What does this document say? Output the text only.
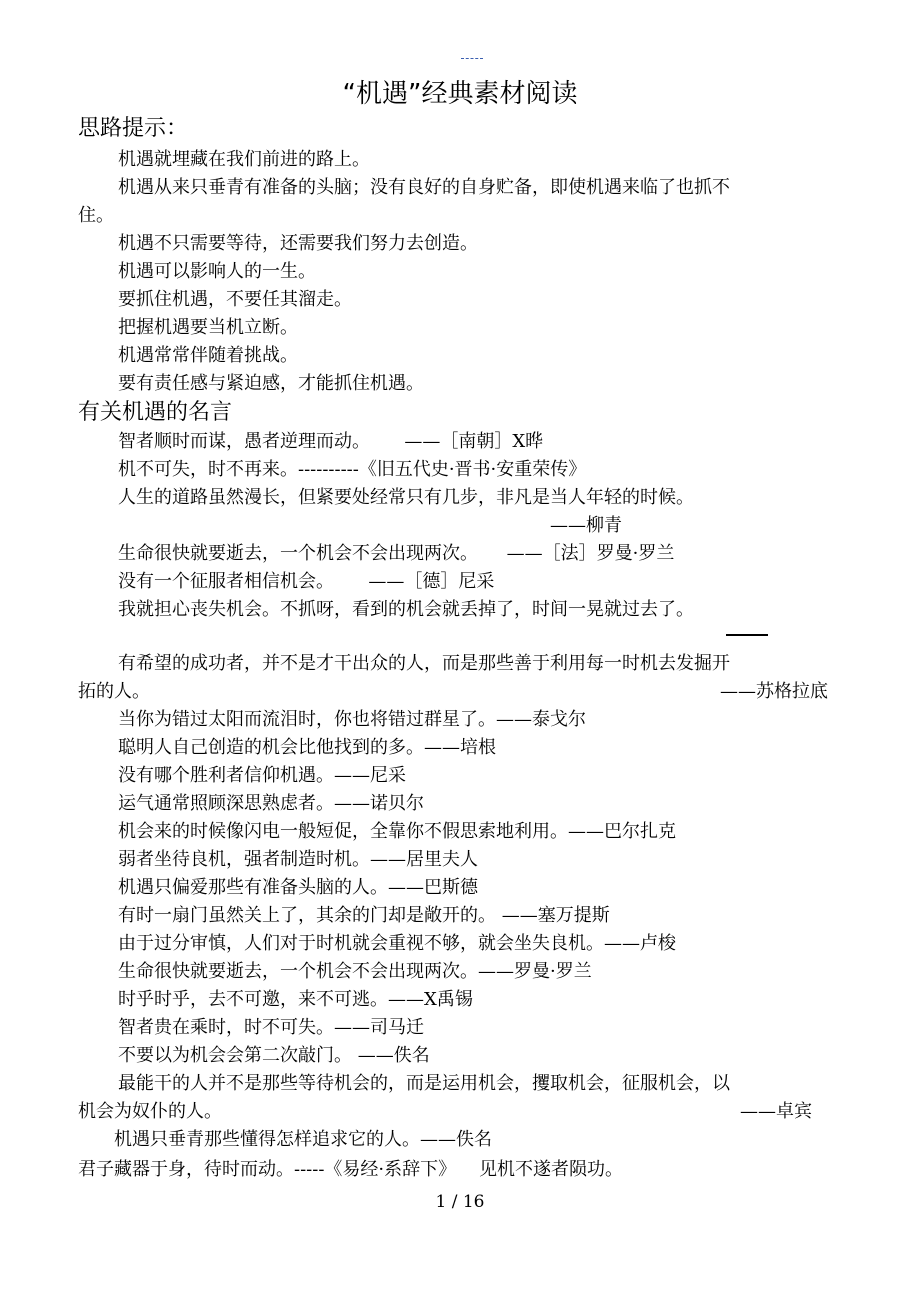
“机遇”经典素材阅读
思路提示：
机遇就埋藏在我们前进的路上。
机遇从来只垂青有准备的头脑；没有良好的自身贮备，即使机遇来临了也抓不
住。
机遇不只需要等待，还需要我们努力去创造。
机遇可以影响人的一生。
要抓住机遇，不要任其溜走。
把握机遇要当机立断。
机遇常常伴随着挑战。
要有责任感与紧迫感，才能抓住机遇。
有关机遇的名言
智者顺时而谋，愚者逆理而动。      ——［南朝］X晔
机不可失，时不再来。----------《旧五代史·晋书·安重荣传》
人生的道路虽然漫长，但紧要处经常只有几步，非凡是当人年轻的时候。
——柳青
生命很快就要逝去，一个机会不会出现两次。     ——［法］罗曼·罗兰
没有一个征服者相信机会。      ——［德］尼采
我就担心丧失机会。不抓呀，看到的机会就丢掉了，时间一晃就过去了。
有希望的成功者，并不是才干出众的人，而是那些善于利用每一时机去发掘开
拓的人。	——苏格拉底
当你为错过太阳而流泪时，你也将错过群星了。——泰戈尔
聪明人自己创造的机会比他找到的多。——培根
没有哪个胜利者信仰机遇。——尼采
运气通常照顾深思熟虑者。——诺贝尔
机会来的时候像闪电一般短促，全靠你不假思索地利用。——巴尔扎克
弱者坐待良机，强者制造时机。——居里夫人
机遇只偏爱那些有准备头脑的人。——巴斯德
有时一扇门虽然关上了，其余的门却是敞开的。 ——塞万提斯
由于过分审慎，人们对于时机就会重视不够，就会坐失良机。——卢梭
生命很快就要逝去，一个机会不会出现两次。——罗曼·罗兰
时乎时乎，去不可邀，来不可逃。——X禹锡
智者贵在乘时，时不可失。——司马迁
不要以为机会会第二次敲门。 ——佚名
最能干的人并不是那些等待机会的，而是运用机会，攫取机会，征服机会，以
机会为奴仆的人。	——卓宾
机遇只垂青那些懂得怎样追求它的人。——佚名
君子藏器于身，待时而动。-----《易经·系辞下》    见机不遂者陨功。
1 / 16
